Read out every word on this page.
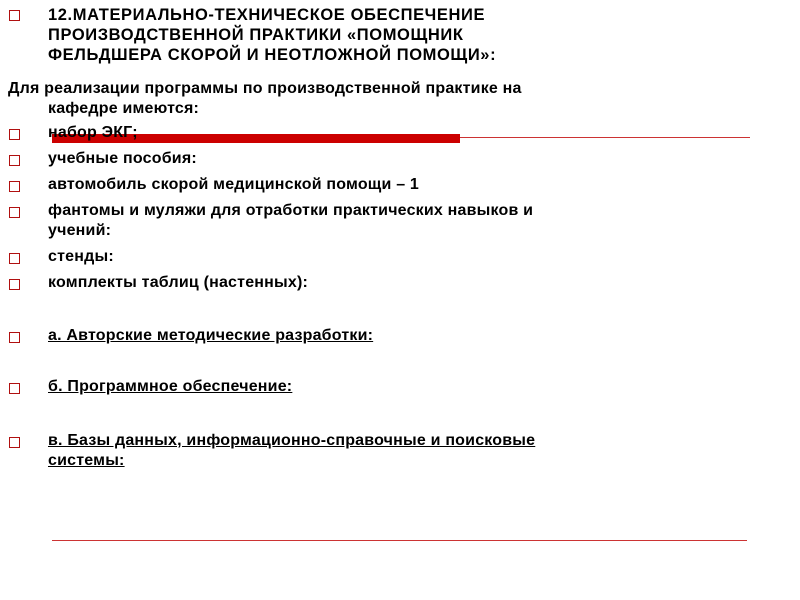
12.МАТЕРИАЛЬНО-ТЕХНИЧЕСКОЕ ОБЕСПЕЧЕНИЕ
ПРОИЗВОДСТВЕННОЙ ПРАКТИКИ «ПОМОЩНИК
ФЕЛЬДШЕРА СКОРОЙ И НЕОТЛОЖНОЙ ПОМОЩИ»:
Для реализации программы по производственной практике на
кафедре имеются:
набор ЭКГ;
учебные пособия:
автомобиль скорой медицинской помощи – 1
фантомы и муляжи для отработки практических навыков и
учений:
стенды:
комплекты таблиц (настенных):
а. Авторские методические разработки:
б. Программное обеспечение:
в. Базы данных, информационно-справочные и поисковые
системы:
